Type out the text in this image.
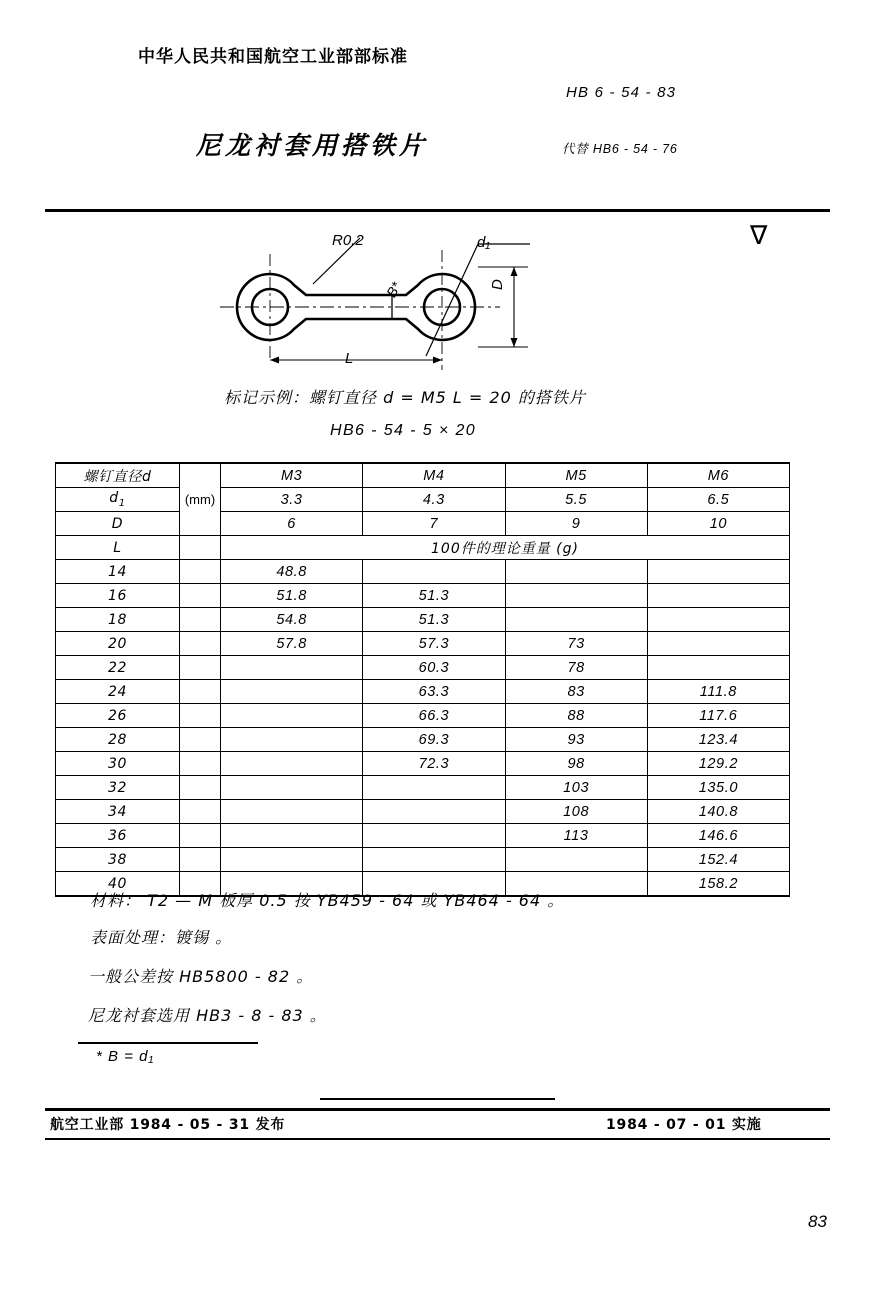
中华人民共和国航空工业部部标准
HB 6 - 54 - 83
尼龙衬套用搭铁片	代替 HB6 - 54 - 76
∇
R0.2	d₁
D
B*
L
标记示例：螺钉直径 d = M5 L = 20 的搭铁片
HB6 - 54 - 5 × 20
螺钉直径d	(mm)	M3	M4	M5	M6
$d_1$		3.3	4.3	5.5	6.5
D		6	7	9	10
L		100件的理论重量 (g)			
14		48.8			
16		51.8	51.3		
18		54.8	51.3		
20		57.8	57.3	73	
22			60.3	78	
24			63.3	83	111.8
26			66.3	88	117.6
28			69.3	93	123.4
30			72.3	98	129.2
32				103	135.0
34				108	140.8
36				113	146.6
38					152.4
40					158.2
材料： T2 — M 板厚 0.5 按 YB459 - 64 或 YB464 - 64 。
表面处理：镀锡 。
一般公差按 HB5800 - 82 。
尼龙衬套选用 HB3 - 8 - 83 。
* B = d₁
航空工业部 1984 - 05 - 31 发布	1984 - 07 - 01 实施
83
